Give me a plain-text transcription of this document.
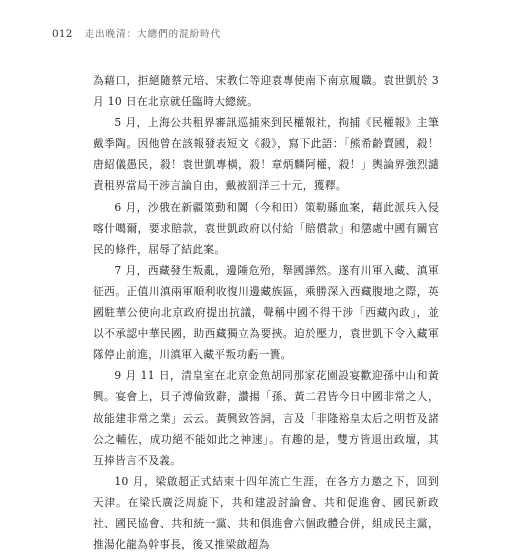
012 走出晚清：大總們的混紛時代

為藉口，拒絕隨蔡元培、宋教仁等迎袁專使南下南京履職。袁世凱於 3 月 10 日在北京就任臨時大總統。

5 月，上海公共租界審訊巡捕來到民權報社，拘捕《民權報》主筆戴季陶。因他曾在該報發表短文《殺》，寫下此語：「熊希齡賣國，殺！唐紹儀愚民，殺！袁世凱專橫，殺！章炳麟阿權，殺！」輿論界強烈譴責租界當局干涉言論自由，戴被罰洋三十元，獲釋。

6 月，沙俄在新疆策動和闐（今和田）策勒縣血案，藉此派兵入侵喀什噶爾，要求賠款，袁世凱政府以付給「賠償款」和懲處中國有關官民的條件，屈辱了結此案。

7 月，西藏發生叛亂，邊陲危殆，舉國譁然。遂有川軍入藏、滇軍征西。正值川滇兩軍順利收復川邊藏族區，乘勝深入西藏腹地之際，英國駐華公使向北京政府提出抗議，聲稱中國不得干涉「西藏內政」，並以不承認中華民國，助西藏獨立為要挾。迫於壓力，袁世凱下令入藏軍隊停止前進，川滇軍入藏平叛功虧一簣。

9 月 11 日，清皇室在北京金魚胡同那家花園設宴歡迎孫中山和黃興。宴會上，貝子溥倫致辭，讚揚「孫、黃二君皆今日中國非常之人，故能建非常之業」云云。黃興致答詞，言及「非隆裕皇太后之明哲及諸公之輔佐，成功絕不能如此之神速」。有趣的是，雙方皆退出政壇，其互捧皆言不及義。

10 月，梁啟超正式結束十四年流亡生涯，在各方力邀之下，回到天津。在梁氏廣泛周旋下，共和建設討論會、共和促進會、國民新政社、國民協會、共和統一黨、共和俱進會六個政體合併，組成民主黨，推湯化龍為幹事長，後又推梁啟超為
